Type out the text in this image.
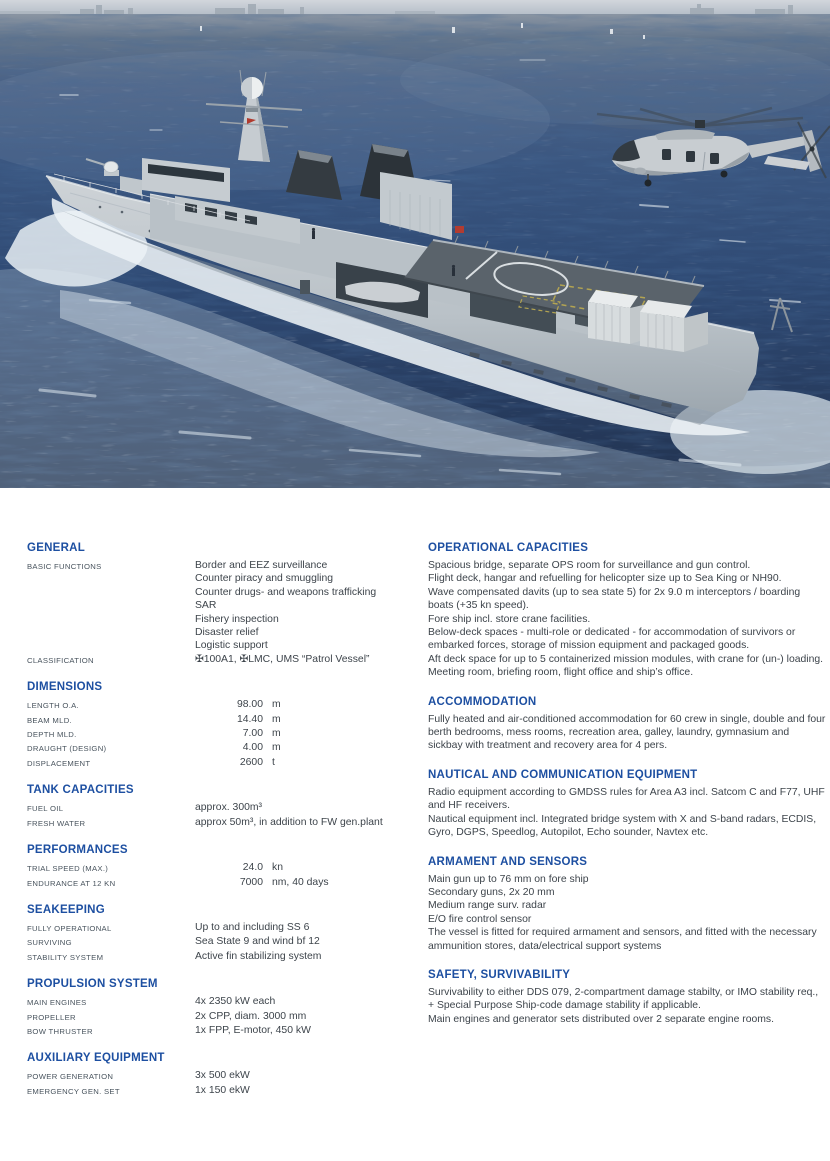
GENERAL
BASIC FUNCTIONS	Border and EEZ surveillance
Counter piracy and smuggling
Counter drugs- and weapons trafficking
SAR
Fishery inspection
Disaster relief
Logistic support
CLASSIFICATION	✠100A1, ✠LMC, UMS “Patrol Vessel”
DIMENSIONS
LENGTH O.A.	98.00 m
BEAM MLD.	14.40 m
DEPTH MLD.	7.00 m
DRAUGHT (DESIGN)	4.00 m
DISPLACEMENT	2600 t
TANK CAPACITIES
FUEL OIL	approx. 300m³
FRESH WATER	approx 50m³, in addition to FW gen.plant
PERFORMANCES
TRIAL SPEED (MAX.)	24.0 kn
ENDURANCE AT 12 KN	7000 nm, 40 days
SEAKEEPING
FULLY OPERATIONAL	Up to and including SS 6
SURVIVING	Sea State 9 and wind bf 12
STABILITY SYSTEM	Active fin stabilizing system
PROPULSION SYSTEM
MAIN ENGINES	4x 2350 kW each
PROPELLER	2x CPP, diam. 3000 mm
BOW THRUSTER	1x FPP, E-motor, 450 kW
AUXILIARY EQUIPMENT
POWER GENERATION	3x 500 ekW
EMERGENCY GEN. SET	1x 150 ekW
OPERATIONAL CAPACITIES

Spacious bridge, separate OPS room for surveillance and gun control.

Flight deck, hangar and refuelling for helicopter size up to Sea King or NH90.

Wave compensated davits (up to sea state 5) for 2x 9.0 m interceptors / boarding boats (+35 kn speed).

Fore ship incl. store crane facilities.

Below-deck spaces - multi-role or dedicated - for accommodation of survivors or embarked forces, storage of mission equipment and packaged goods.

Aft deck space for up to 5 containerized mission modules, with crane for (un-) loading.

Meeting room, briefing room, flight office and ship’s office.

ACCOMMODATION

Fully heated and air-conditioned accommodation for 60 crew in single, double and four berth bedrooms, mess rooms, recreation area, galley, laundry, gymnasium and sickbay with treatment and recovery area for 4 pers.

NAUTICAL AND COMMUNICATION EQUIPMENT

Radio equipment according to GMDSS rules for Area A3 incl. Satcom C and F77, UHF and HF receivers.

Nautical equipment incl. Integrated bridge system with X and S-band radars, ECDIS, Gyro, DGPS, Speedlog, Autopilot, Echo sounder, Navtex etc.

ARMAMENT AND SENSORS

Main gun up to 76 mm on fore ship

Secondary guns, 2x 20 mm

Medium range surv. radar

E/O fire control sensor

The vessel is fitted for required armament and sensors, and fitted with the necessary ammunition stores, data/electrical support systems

SAFETY, SURVIVABILITY

Survivability to either DDS 079, 2-compartment damage stabilty, or IMO stability req., + Special Purpose Ship-code damage stability if applicable.

Main engines and generator sets distributed over 2 separate engine rooms.
